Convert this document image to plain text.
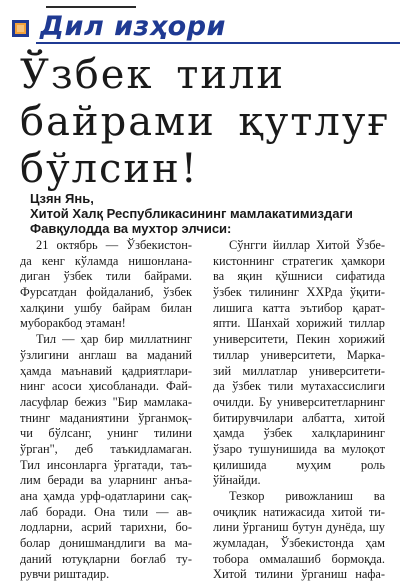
Дил изҳори
Ўзбек тили
байрами қутлуғ
бўлсин!
Цзян Янь,
Хитой Халқ Республикасининг мамлакатимиздаги
Фавқулодда ва мухтор элчиси:
21 октябрь — Ўзбекистон-
да кенг кўламда нишонлана-
диган ўзбек тили байрами.
Фурсатдан фойдаланиб, ўзбек
халқини ушбу байрам билан
муборакбод этаман!
Тил — ҳар бир миллатнинг
ўзлигини англаш ва маданий
ҳамда маънавий қадриятлари-
нинг асоси ҳисобланади. Фай-
ласуфлар бежиз "Бир мамлака-
тнинг маданиятини ўрганмоқ-
чи бўлсанг, унинг тилини
ўрган", деб таъкидламаган.
Тил инсонларга ўргатади, таъ-
лим беради ва уларнинг анъа-
ана ҳамда урф-одатларини сақ-
лаб боради. Она тили — ав-
лодларни, асрий тарихни, бо-
болар донишмандлиги ва ма-
даний ютуқларни боғлаб ту-
рувчи риштадир.
Сўнгги йиллар Хитой Ўзбе-
кистоннинг стратегик ҳамкори
ва яқин қўшниси сифатида
ўзбек тилининг ХХРда ўқити-
лишига катта эътибор қарат-
япти. Шанхай хорижий тиллар
университети, Пекин хорижий
тиллар университети, Марка-
зий миллатлар университети-
да ўзбек тили мутахассислиги
очилди. Бу университетларнинг
битирувчилари албатта, хитой
ҳамда ўзбек халқларининг
ўзаро тушунишида ва мулоқот
қилишида муҳим роль
ўйнайди.
Тезкор ривожланиш ва
очиқлик натижасида хитой ти-
лини ўрганиш бутун дунёда, шу
жумладан, Ўзбекистонда ҳам
тобора оммалашиб бормоқда.
Хитой тилини ўрганиш нафа-
